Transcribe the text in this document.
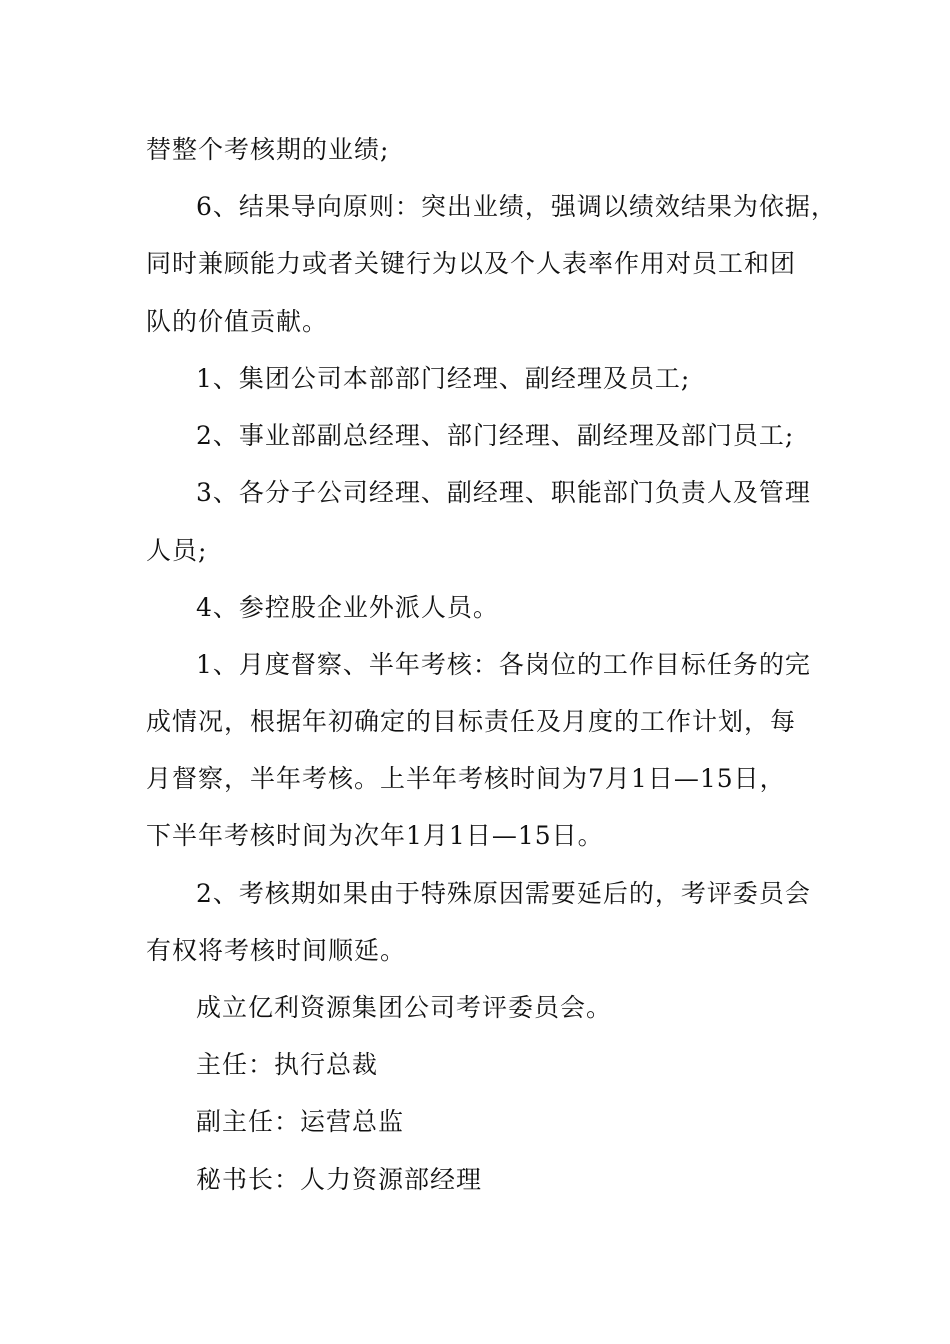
替整个考核期的业绩;
6、结果导向原则：突出业绩，强调以绩效结果为依据，
同时兼顾能力或者关键行为以及个人表率作用对员工和团
队的价值贡献。
1、集团公司本部部门经理、副经理及员工;
2、事业部副总经理、部门经理、副经理及部门员工;
3、各分子公司经理、副经理、职能部门负责人及管理
人员;
4、参控股企业外派人员。
1、月度督察、半年考核：各岗位的工作目标任务的完
成情况，根据年初确定的目标责任及月度的工作计划，每
月督察，半年考核。上半年考核时间为7月1日—15日，
下半年考核时间为次年1月1日—15日。
2、考核期如果由于特殊原因需要延后的，考评委员会
有权将考核时间顺延。
成立亿利资源集团公司考评委员会。
主任：执行总裁
副主任：运营总监
秘书长：人力资源部经理
